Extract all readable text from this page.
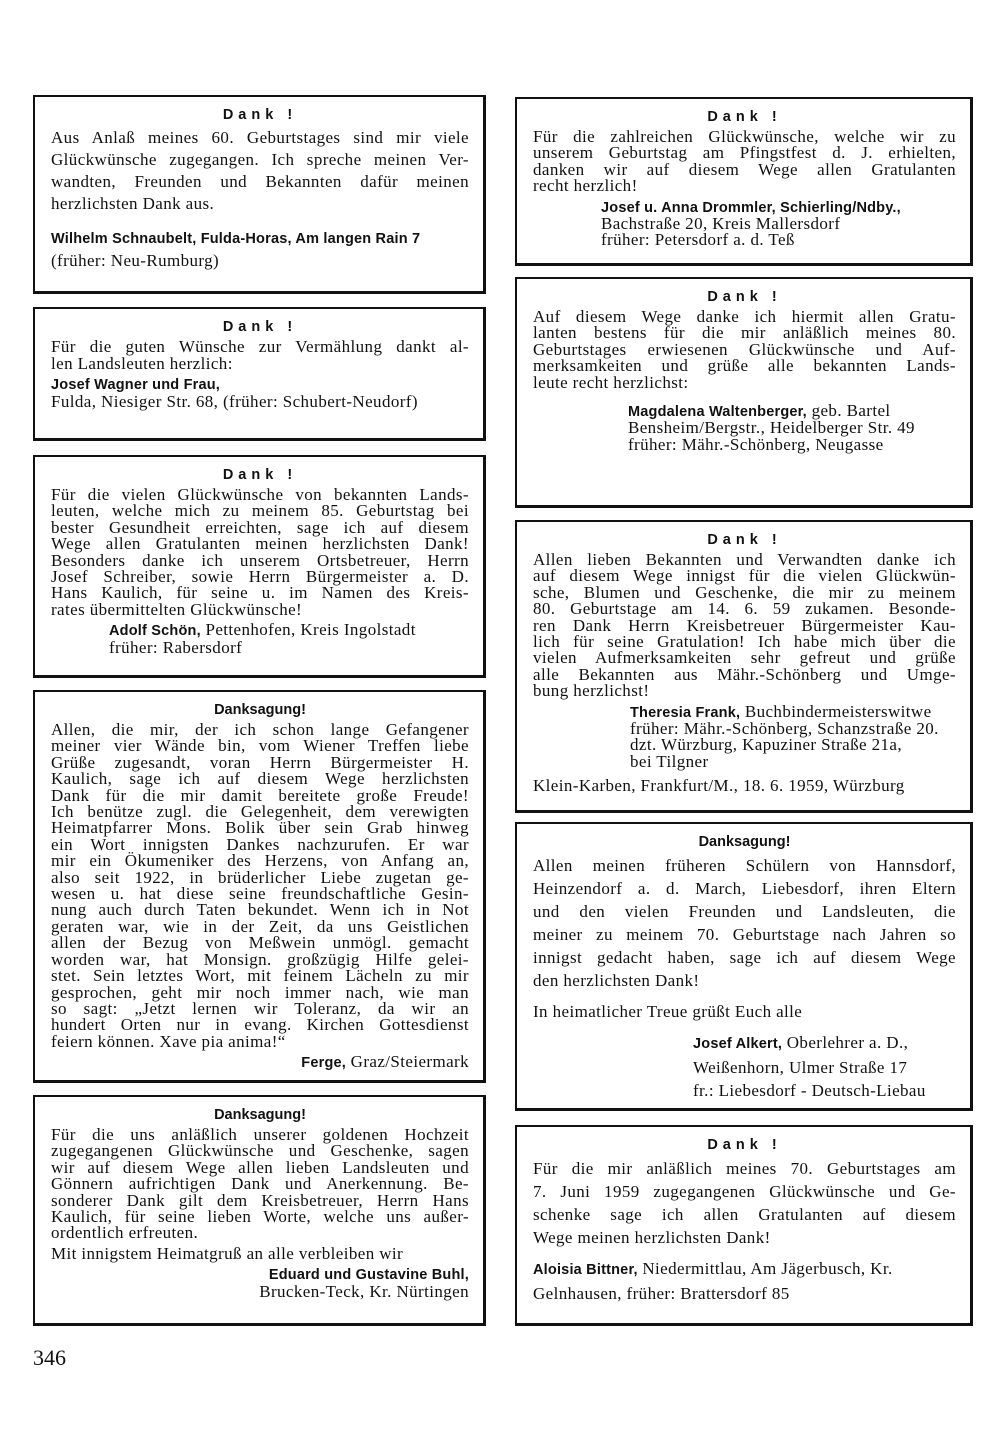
Dank !
Aus Anlaß meines 60. Geburtstages sind mir viele
Glückwünsche zugegangen. Ich spreche meinen Ver-
wandten, Freunden und Bekannten dafür meinen
herzlichsten Dank aus.
Wilhelm Schnaubelt, Fulda-Horas, Am langen Rain 7
(früher: Neu-Rumburg)
Dank !
Für die guten Wünsche zur Vermählung dankt al-
len Landsleuten herzlich:
Josef Wagner und Frau,
Fulda, Niesiger Str. 68, (früher: Schubert-Neudorf)
Dank !
Für die vielen Glückwünsche von bekannten Lands-
leuten, welche mich zu meinem 85. Geburtstag bei
bester Gesundheit erreichten, sage ich auf diesem
Wege allen Gratulanten meinen herzlichsten Dank!
Besonders danke ich unserem Ortsbetreuer, Herrn
Josef Schreiber, sowie Herrn Bürgermeister a. D.
Hans Kaulich, für seine u. im Namen des Kreis-
rates übermittelten Glückwünsche!
Adolf Schön, Pettenhofen, Kreis Ingolstadt
früher: Rabersdorf
Danksagung!
Allen, die mir, der ich schon lange Gefangener
meiner vier Wände bin, vom Wiener Treffen liebe
Grüße zugesandt, voran Herrn Bürgermeister H.
Kaulich, sage ich auf diesem Wege herzlichsten
Dank für die mir damit bereitete große Freude!
Ich benütze zugl. die Gelegenheit, dem verewigten
Heimatpfarrer Mons. Bolik über sein Grab hinweg
ein Wort innigsten Dankes nachzurufen. Er war
mir ein Ökumeniker des Herzens, von Anfang an,
also seit 1922, in brüderlicher Liebe zugetan ge-
wesen u. hat diese seine freundschaftliche Gesin-
nung auch durch Taten bekundet. Wenn ich in Not
geraten war, wie in der Zeit, da uns Geistlichen
allen der Bezug von Meßwein unmögl. gemacht
worden war, hat Monsign. großzügig Hilfe gelei-
stet. Sein letztes Wort, mit feinem Lächeln zu mir
gesprochen, geht mir noch immer nach, wie man
so sagt: „Jetzt lernen wir Toleranz, da wir an
hundert Orten nur in evang. Kirchen Gottesdienst
feiern können. Xave pia anima!“
Ferge, Graz/Steiermark
Danksagung!
Für die uns anläßlich unserer goldenen Hochzeit
zugegangenen Glückwünsche und Geschenke, sagen
wir auf diesem Wege allen lieben Landsleuten und
Gönnern aufrichtigen Dank und Anerkennung. Be-
sonderer Dank gilt dem Kreisbetreuer, Herrn Hans
Kaulich, für seine lieben Worte, welche uns außer-
ordentlich erfreuten.
Mit innigstem Heimatgruß an alle verbleiben wir
Eduard und Gustavine Buhl,
Brucken-Teck, Kr. Nürtingen
Dank !
Für die zahlreichen Glückwünsche, welche wir zu
unserem Geburtstag am Pfingstfest d. J. erhielten,
danken wir auf diesem Wege allen Gratulanten
recht herzlich!
Josef u. Anna Drommler, Schierling/Ndby.,
Bachstraße 20, Kreis Mallersdorf
früher: Petersdorf a. d. Teß
Dank !
Auf diesem Wege danke ich hiermit allen Gratu-
lanten bestens für die mir anläßlich meines 80.
Geburtstages erwiesenen Glückwünsche und Auf-
merksamkeiten und grüße alle bekannten Lands-
leute recht herzlichst:
Magdalena Waltenberger, geb. Bartel
Bensheim/Bergstr., Heidelberger Str. 49
früher: Mähr.-Schönberg, Neugasse
Dank !
Allen lieben Bekannten und Verwandten danke ich
auf diesem Wege innigst für die vielen Glückwün-
sche, Blumen und Geschenke, die mir zu meinem
80. Geburtstage am 14. 6. 59 zukamen. Besonde-
ren Dank Herrn Kreisbetreuer Bürgermeister Kau-
lich für seine Gratulation! Ich habe mich über die
vielen Aufmerksamkeiten sehr gefreut und grüße
alle Bekannten aus Mähr.-Schönberg und Umge-
bung herzlichst!
Theresia Frank, Buchbindermeisterswitwe
früher: Mähr.-Schönberg, Schanzstraße 20.
dzt. Würzburg, Kapuziner Straße 21a,
bei Tilgner
Klein-Karben, Frankfurt/M., 18. 6. 1959, Würzburg
Danksagung!
Allen meinen früheren Schülern von Hannsdorf,
Heinzendorf a. d. March, Liebesdorf, ihren Eltern
und den vielen Freunden und Landsleuten, die
meiner zu meinem 70. Geburtstage nach Jahren so
innigst gedacht haben, sage ich auf diesem Wege
den herzlichsten Dank!
In heimatlicher Treue grüßt Euch alle
Josef Alkert, Oberlehrer a. D.,
Weißenhorn, Ulmer Straße 17
fr.: Liebesdorf - Deutsch-Liebau
Dank !
Für die mir anläßlich meines 70. Geburtstages am
7. Juni 1959 zugegangenen Glückwünsche und Ge-
schenke sage ich allen Gratulanten auf diesem
Wege meinen herzlichsten Dank!
Aloisia Bittner, Niedermittlau, Am Jägerbusch, Kr.
Gelnhausen, früher: Brattersdorf 85
346
